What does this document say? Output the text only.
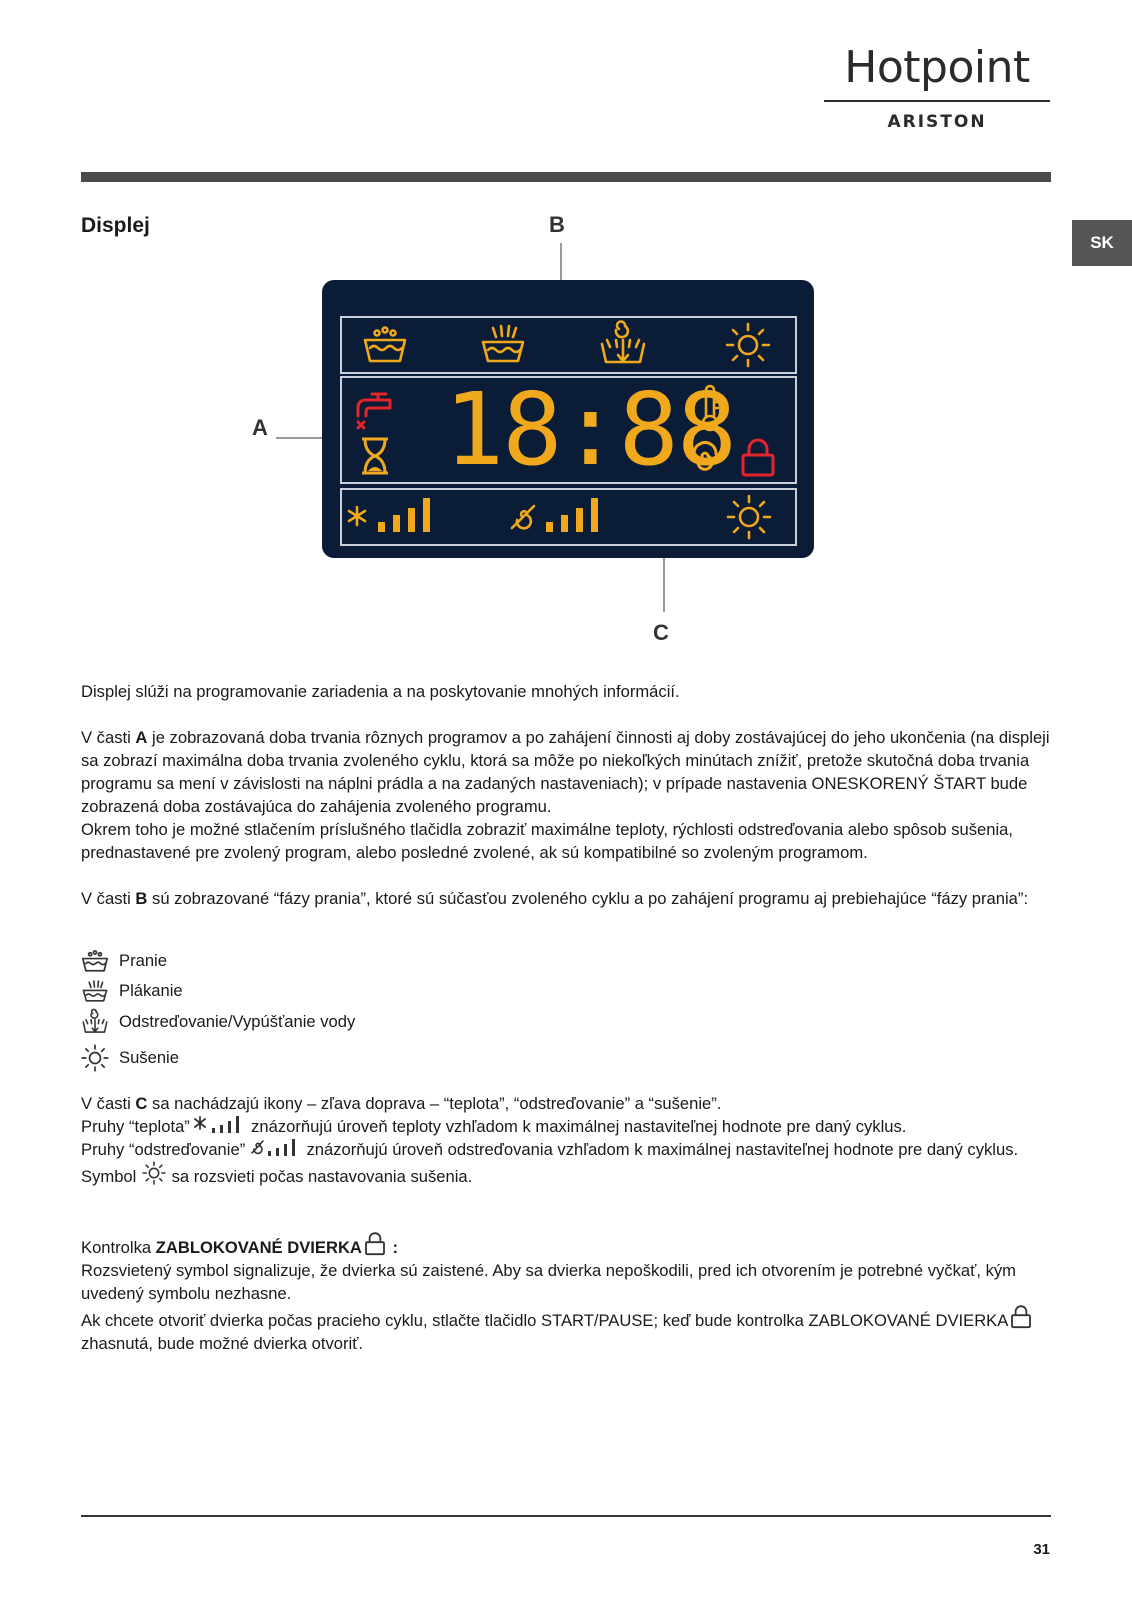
Hotpoint
ARISTON
SK
Displej	B
A
C
18:88

Displej slúži na programovanie zariadenia a na poskytovanie mnohých informácií.

V časti A je zobrazovaná doba trvania rôznych programov a po zahájení činnosti aj doby zostávajúcej do jeho ukončenia (na displeji sa zobrazí maximálna doba trvania zvoleného cyklu, ktorá sa môže po niekoľkých minútach znížiť, pretože skutočná doba trvania programu sa mení v závislosti na náplni prádla a na zadaných nastaveniach); v prípade nastavenia ONESKORENÝ ŠTART bude zobrazená doba zostávajúca do zahájenia zvoleného programu.

Okrem toho je možné stlačením príslušného tlačidla zobraziť maximálne teploty, rýchlosti odstreďovania alebo spôsob sušenia, prednastavené pre zvolený program, alebo posledné zvolené, ak sú kompatibilné so zvoleným programom.

V časti B sú zobrazované “fázy prania”, ktoré sú súčasťou zvoleného cyklu a po zahájení programu aj prebiehajúce “fázy prania”:

Pranie
Plákanie
Odstreďovanie/Vypúšťanie vody
Sušenie

V časti C sa nachádzajú ikony – zľava doprava – “teplota”, “odstreďovanie” a “sušenie”.

Pruhy “teplota”	znázorňujú úroveň teploty vzhľadom k maximálnej nastaviteľnej hodnote pre daný cyklus.

Pruhy “odstreďovanie”	znázorňujú úroveň odstreďovania vzhľadom k maximálnej nastaviteľnej hodnote pre daný cyklus.

Symbol  sa rozsvieti počas nastavovania sušenia.

Kontrolka ZABLOKOVANÉ DVIERKA :

Rozsvietený symbol signalizuje, že dvierka sú zaistené. Aby sa dvierka nepoškodili, pred ich otvorením je potrebné vyčkať, kým uvedený symbolu nezhasne.

Ak chcete otvoriť dvierka počas pracieho cyklu, stlačte tlačidlo START/PAUSE; keď bude kontrolka ZABLOKOVANÉ DVIERKA zhasnutá, bude možné dvierka otvoriť.

31
